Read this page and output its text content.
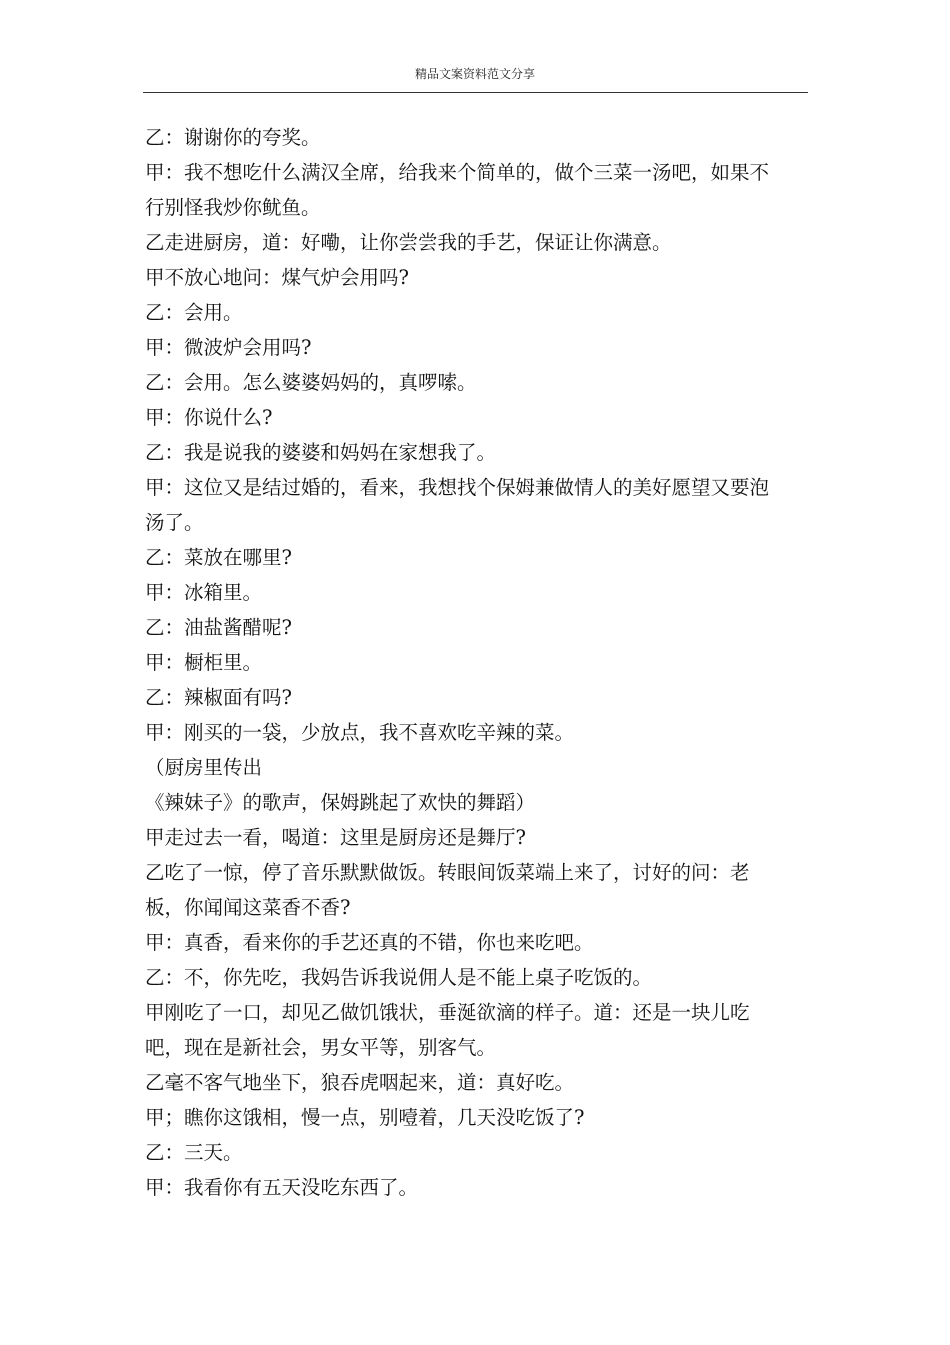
精品文案资料范文分享

乙：谢谢你的夸奖。

甲：我不想吃什么满汉全席，给我来个简单的，做个三菜一汤吧，如果不行别怪我炒你鱿鱼。

乙走进厨房，道：好嘞，让你尝尝我的手艺，保证让你满意。

甲不放心地问：煤气炉会用吗?

乙：会用。

甲：微波炉会用吗?

乙：会用。怎么婆婆妈妈的，真啰嗦。

甲：你说什么?

乙：我是说我的婆婆和妈妈在家想我了。

甲：这位又是结过婚的，看来，我想找个保姆兼做情人的美好愿望又要泡汤了。

乙：菜放在哪里?

甲：冰箱里。

乙：油盐酱醋呢?

甲：橱柜里。

乙：辣椒面有吗?

甲：刚买的一袋，少放点，我不喜欢吃辛辣的菜。

（厨房里传出

《辣妹子》的歌声，保姆跳起了欢快的舞蹈）

甲走过去一看，喝道：这里是厨房还是舞厅?

乙吃了一惊，停了音乐默默做饭。转眼间饭菜端上来了，讨好的问：老板，你闻闻这菜香不香?

甲：真香，看来你的手艺还真的不错，你也来吃吧。

乙：不，你先吃，我妈告诉我说佣人是不能上桌子吃饭的。

甲刚吃了一口，却见乙做饥饿状，垂涎欲滴的样子。道：还是一块儿吃吧，现在是新社会，男女平等，别客气。

乙毫不客气地坐下，狼吞虎咽起来，道：真好吃。

甲；瞧你这饿相，慢一点，别噎着，几天没吃饭了?

乙：三天。

甲：我看你有五天没吃东西了。
